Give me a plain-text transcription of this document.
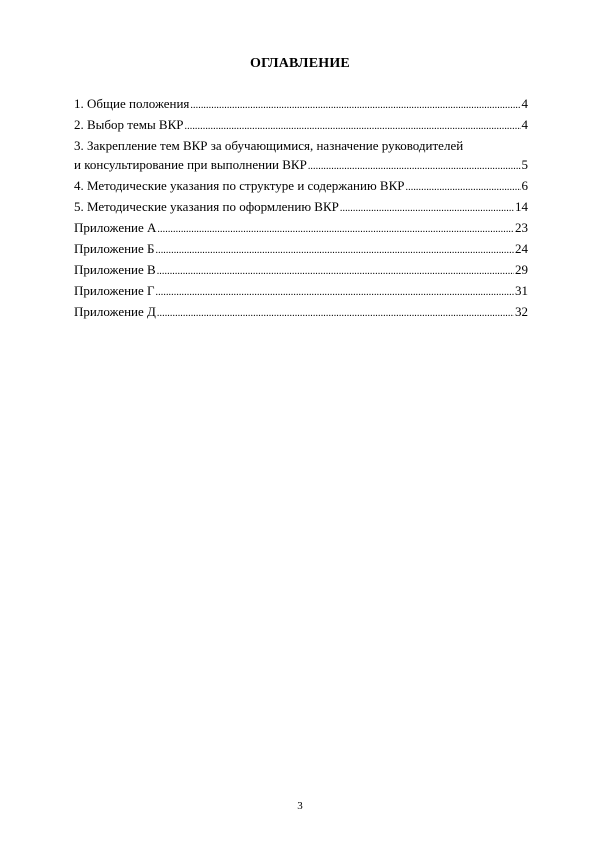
ОГЛАВЛЕНИЕ
1. Общие положения . . .	4
2. Выбор темы ВКР . . .	4
3. Закрепление тем ВКР за обучающимися, назначение руководителей
и консультирование при выполнении ВКР . . .	5
4. Методические указания по структуре и содержанию ВКР . . .	6
5. Методические указания по оформлению ВКР . . .	14
Приложение А . . .	23
Приложение Б . . .	24
Приложение В . . .	29
Приложение Г . . .	31
Приложение Д . . .	32
3
